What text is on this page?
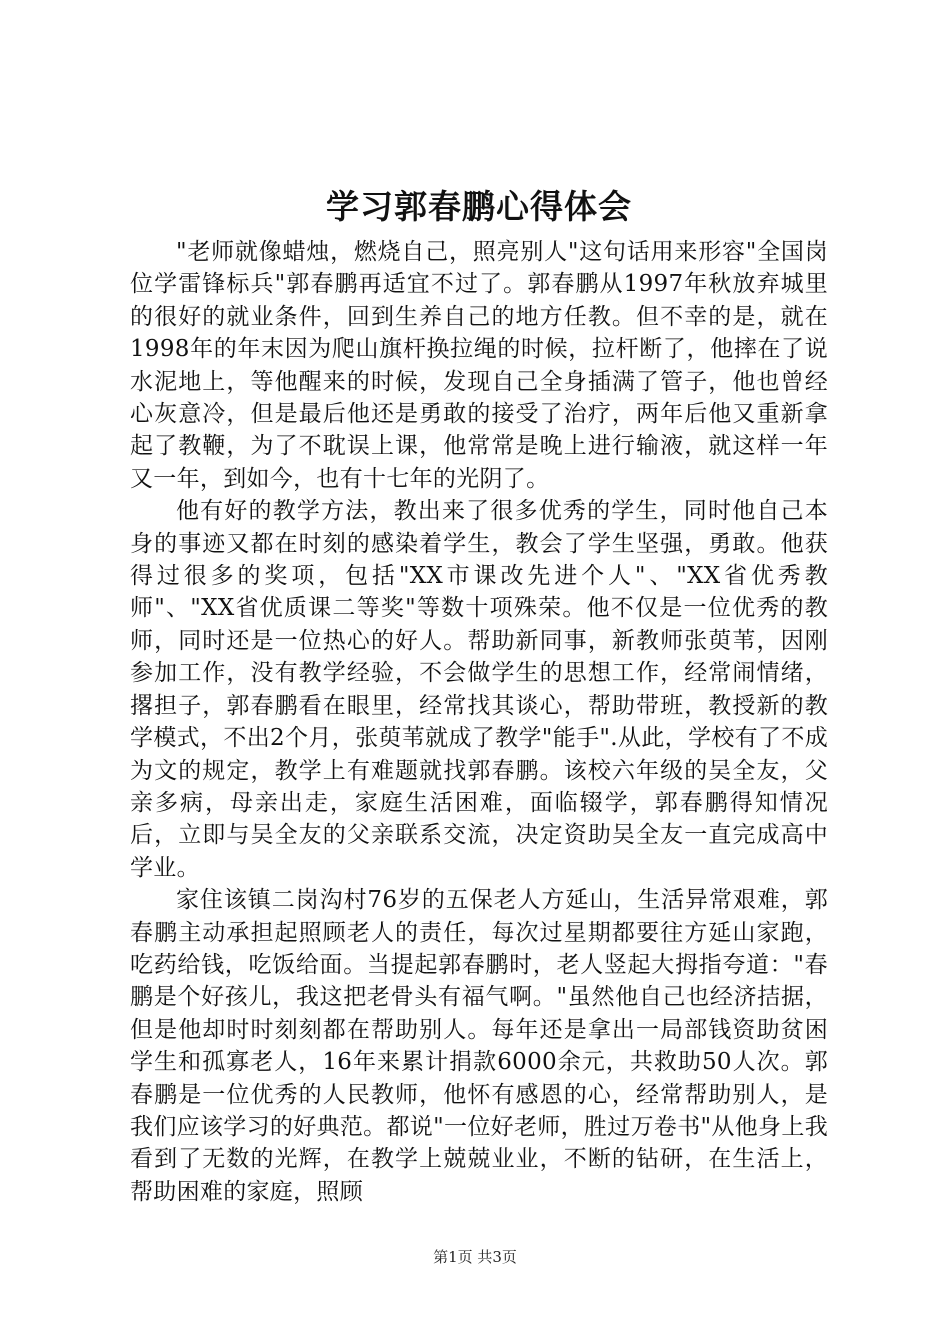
学习郭春鹏心得体会

"老师就像蜡烛，燃烧自己，照亮别人"这句话用来形容"全国岗位学雷锋标兵"郭春鹏再适宜不过了。郭春鹏从1997年秋放弃城里的很好的就业条件，回到生养自己的地方任教。但不幸的是，就在1998年的年末因为爬山旗杆换拉绳的时候，拉杆断了，他摔在了说水泥地上，等他醒来的时候，发现自己全身插满了管子，他也曾经心灰意冷，但是最后他还是勇敢的接受了治疗，两年后他又重新拿起了教鞭，为了不耽误上课，他常常是晚上进行输液，就这样一年又一年，到如今，也有十七年的光阴了。

他有好的教学方法，教出来了很多优秀的学生，同时他自己本身的事迹又都在时刻的感染着学生，教会了学生坚强，勇敢。他获得过很多的奖项，包括"XX市课改先进个人"、"XX省优秀教师"、"XX省优质课二等奖"等数十项殊荣。他不仅是一位优秀的教师，同时还是一位热心的好人。帮助新同事，新教师张萸苇，因刚参加工作，没有教学经验，不会做学生的思想工作，经常闹情绪，撂担子，郭春鹏看在眼里，经常找其谈心，帮助带班，教授新的教学模式，不出2个月，张萸苇就成了教学"能手".从此，学校有了不成为文的规定，教学上有难题就找郭春鹏。该校六年级的吴全友，父亲多病，母亲出走，家庭生活困难，面临辍学，郭春鹏得知情况后，立即与吴全友的父亲联系交流，决定资助吴全友一直完成高中学业。

家住该镇二岗沟村76岁的五保老人方延山，生活异常艰难，郭春鹏主动承担起照顾老人的责任，每次过星期都要往方延山家跑，吃药给钱，吃饭给面。当提起郭春鹏时，老人竖起大拇指夸道："春鹏是个好孩儿，我这把老骨头有福气啊。"虽然他自己也经济拮据，但是他却时时刻刻都在帮助别人。每年还是拿出一局部钱资助贫困学生和孤寡老人，16年来累计捐款6000余元，共救助50人次。郭春鹏是一位优秀的人民教师，他怀有感恩的心，经常帮助别人，是我们应该学习的好典范。都说"一位好老师，胜过万卷书"从他身上我看到了无数的光辉，在教学上兢兢业业，不断的钻研，在生活上，帮助困难的家庭，照顾

第1页 共3页
